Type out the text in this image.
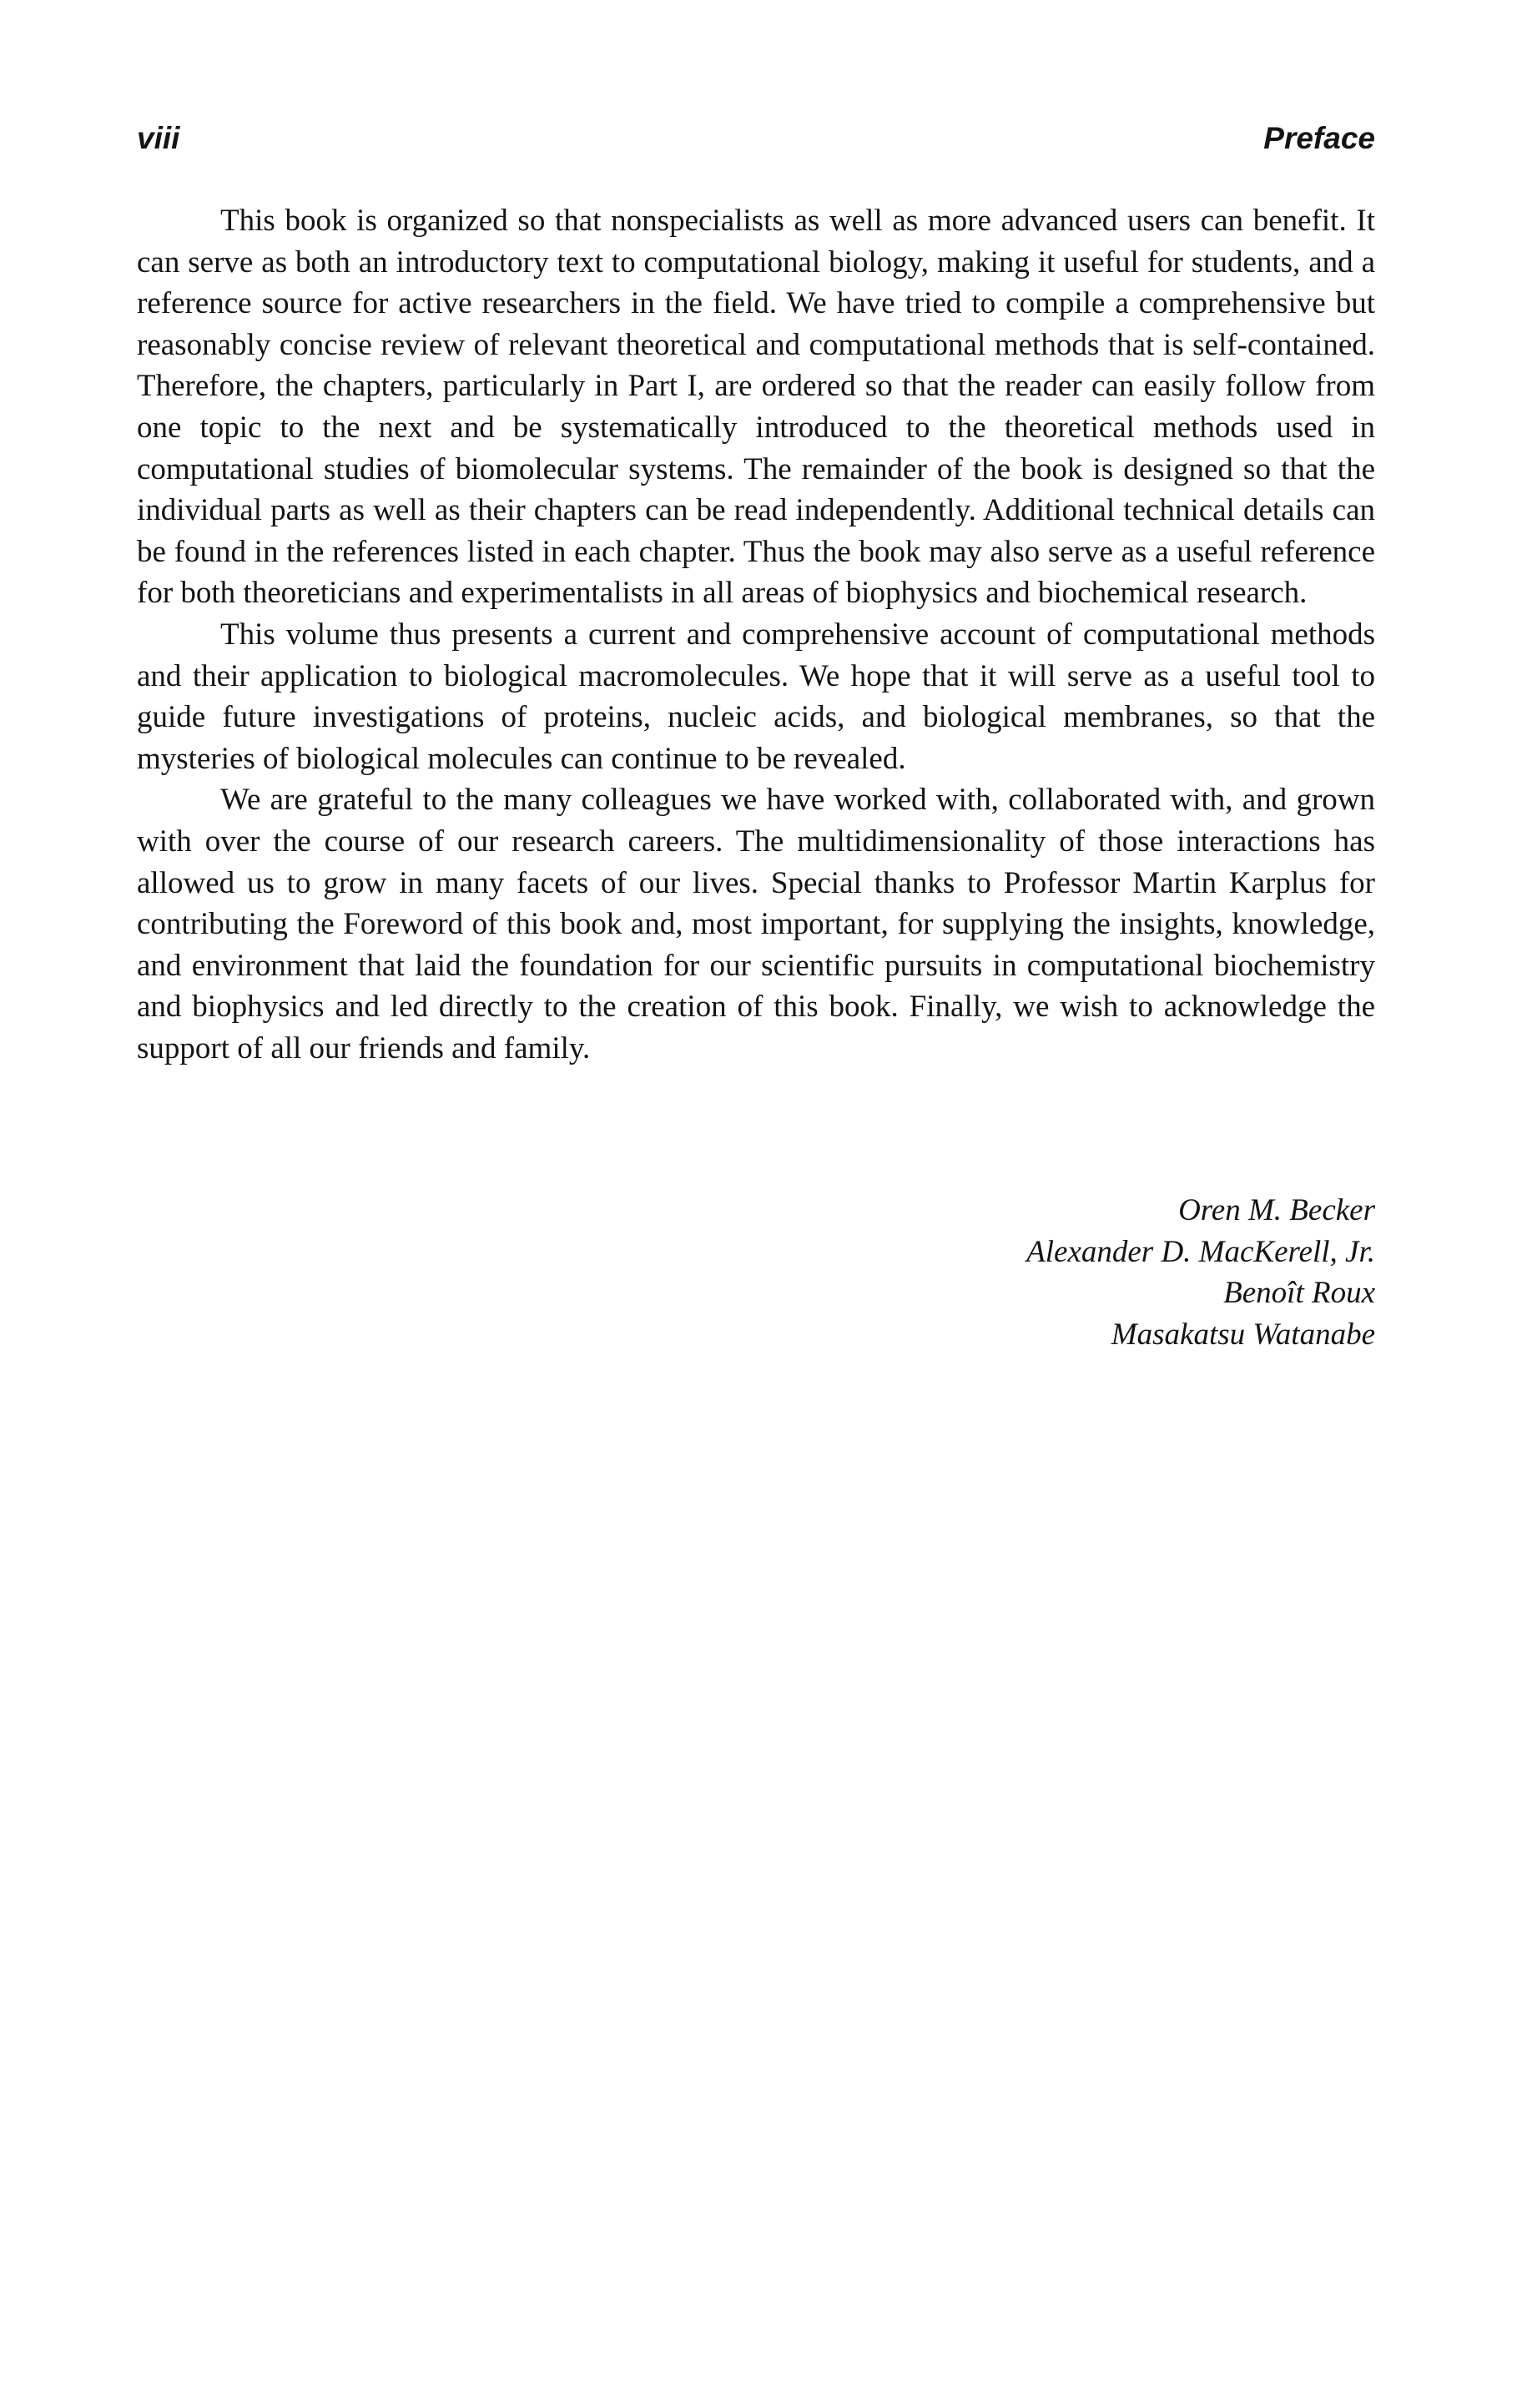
viii	Preface

This book is organized so that nonspecialists as well as more advanced users can benefit. It can serve as both an introductory text to computational biology, making it useful for students, and a reference source for active researchers in the field. We have tried to compile a comprehensive but reasonably concise review of relevant theoretical and computational methods that is self-contained. Therefore, the chapters, particularly in Part I, are ordered so that the reader can easily follow from one topic to the next and be systematically introduced to the theoretical methods used in computational studies of biomolecular systems. The remainder of the book is designed so that the individual parts as well as their chapters can be read independently. Additional technical details can be found in the references listed in each chapter. Thus the book may also serve as a useful reference for both theoreticians and experimentalists in all areas of biophysics and biochemical research.

This volume thus presents a current and comprehensive account of computational methods and their application to biological macromolecules. We hope that it will serve as a useful tool to guide future investigations of proteins, nucleic acids, and biological membranes, so that the mysteries of biological molecules can continue to be revealed.

We are grateful to the many colleagues we have worked with, collaborated with, and grown with over the course of our research careers. The multidimensionality of those interactions has allowed us to grow in many facets of our lives. Special thanks to Professor Martin Karplus for contributing the Foreword of this book and, most important, for supplying the insights, knowledge, and environment that laid the foundation for our scientific pursuits in computational biochemistry and biophysics and led directly to the creation of this book. Finally, we wish to acknowledge the support of all our friends and family.

Oren M. Becker
Alexander D. MacKerell, Jr.
Benoît Roux
Masakatsu Watanabe
